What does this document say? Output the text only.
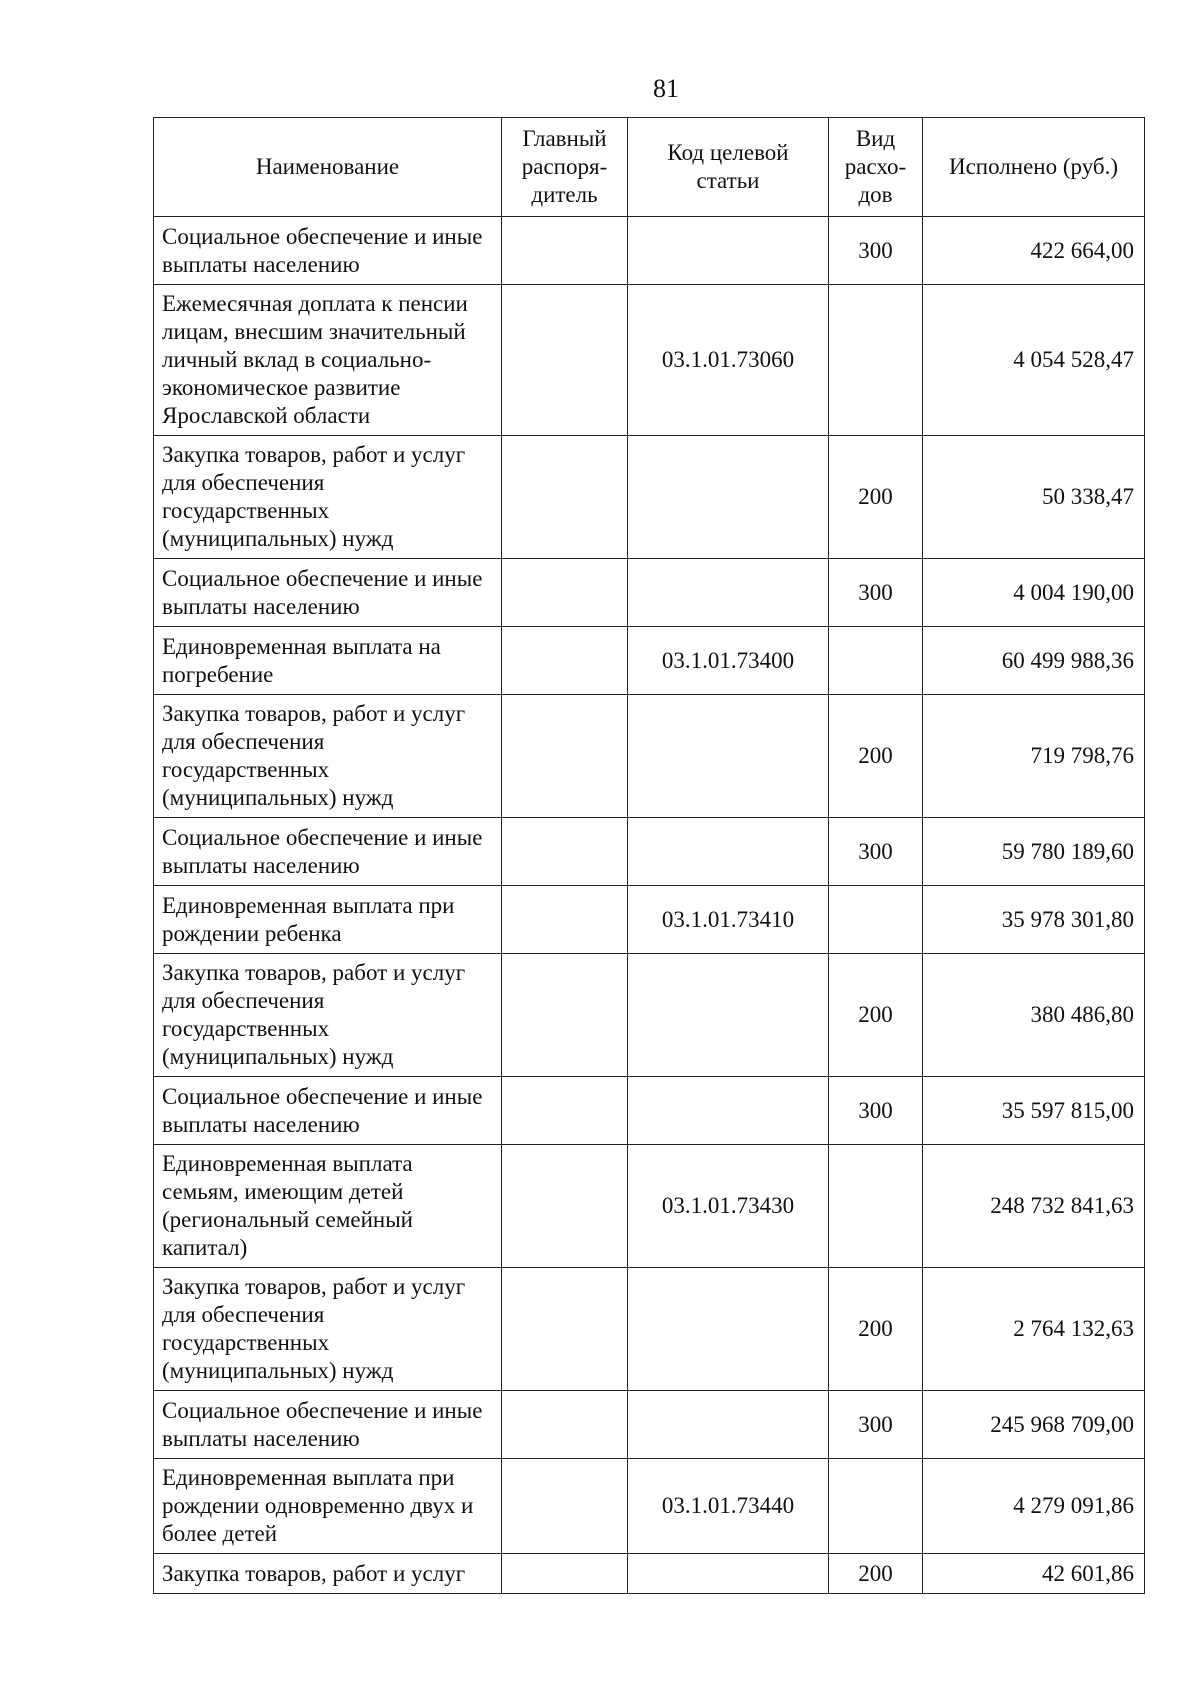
81
Наименование	Главный распоря-дитель	Код целевой статьи	Вид расхо-дов	Исполнено (руб.)
Социальное обеспечение и иные выплаты населению			300	422 664,00
Ежемесячная доплата к пенсии лицам, внесшим значительный личный вклад в социально-экономическое развитие Ярославской области		03.1.01.73060		4 054 528,47
Закупка товаров, работ и услуг для обеспечения государственных (муниципальных) нужд			200	50 338,47
Социальное обеспечение и иные выплаты населению			300	4 004 190,00
Единовременная выплата на погребение		03.1.01.73400		60 499 988,36
Закупка товаров, работ и услуг для обеспечения государственных (муниципальных) нужд			200	719 798,76
Социальное обеспечение и иные выплаты населению			300	59 780 189,60
Единовременная выплата при рождении ребенка		03.1.01.73410		35 978 301,80
Закупка товаров, работ и услуг для обеспечения государственных (муниципальных) нужд			200	380 486,80
Социальное обеспечение и иные выплаты населению			300	35 597 815,00
Единовременная выплата семьям, имеющим детей (региональный семейный капитал)		03.1.01.73430		248 732 841,63
Закупка товаров, работ и услуг для обеспечения государственных (муниципальных) нужд			200	2 764 132,63
Социальное обеспечение и иные выплаты населению			300	245 968 709,00
Единовременная выплата при рождении одновременно двух и более детей		03.1.01.73440		4 279 091,86
Закупка товаров, работ и услуг			200	42 601,86
